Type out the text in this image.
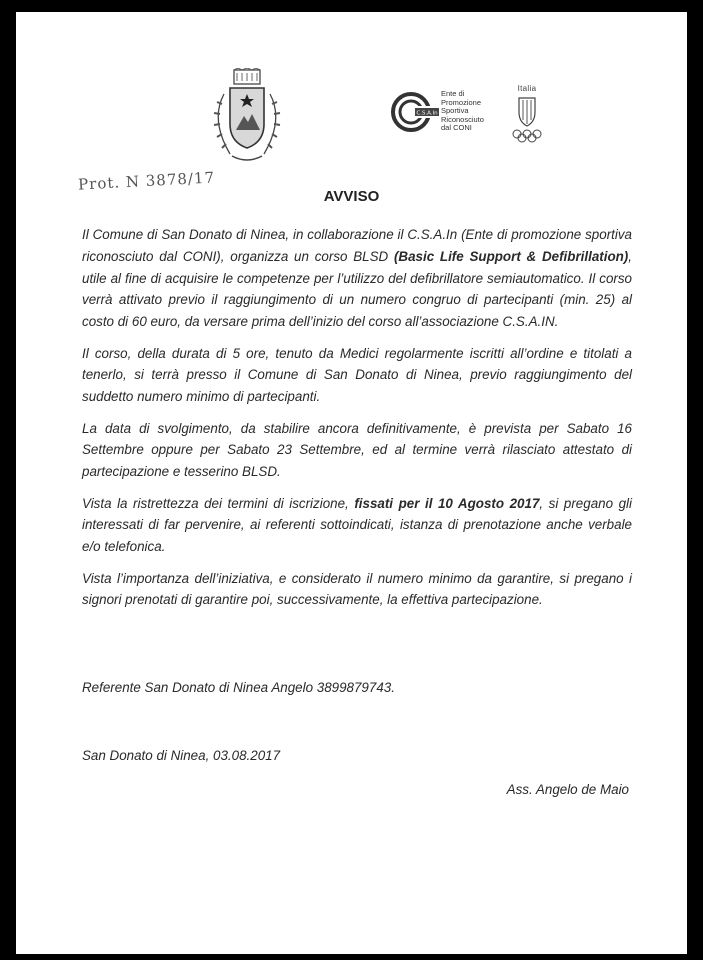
C.S.A.In
Ente di
Promozione
Sportiva
Riconosciuto
dal CONI
Italia
Prot. N 3878/17
AVVISO

Il Comune di San Donato di Ninea, in collaborazione il C.S.A.In (Ente di promozione sportiva riconosciuto dal CONI), organizza un corso BLSD (Basic Life Support & Defibrillation), utile al fine di acquisire le competenze per l’utilizzo del defibrillatore semiautomatico. Il corso verrà attivato previo il raggiungimento di un numero congruo di partecipanti (min. 25) al costo di 60 euro, da versare prima dell’inizio del corso all’associazione C.S.A.IN.

Il corso, della durata di 5 ore, tenuto da Medici regolarmente iscritti all’ordine e titolati a tenerlo, si terrà presso il Comune di San Donato di Ninea, previo raggiungimento del suddetto numero minimo di partecipanti.

La data di svolgimento, da stabilire ancora definitivamente, è prevista per Sabato 16 Settembre oppure per Sabato 23 Settembre, ed al termine verrà rilasciato attestato di partecipazione e tesserino BLSD.

Vista la ristrettezza dei termini di iscrizione, fissati per il 10 Agosto 2017, si pregano gli interessati di far pervenire, ai referenti sottoindicati, istanza di prenotazione anche verbale e/o telefonica.

Vista l’importanza dell’iniziativa, e considerato il numero minimo da garantire, si pregano i signori prenotati di garantire poi, successivamente, la effettiva partecipazione.

Referente San Donato di Ninea Angelo 3899879743.
San Donato di Ninea, 03.08.2017
Ass. Angelo de Maio
